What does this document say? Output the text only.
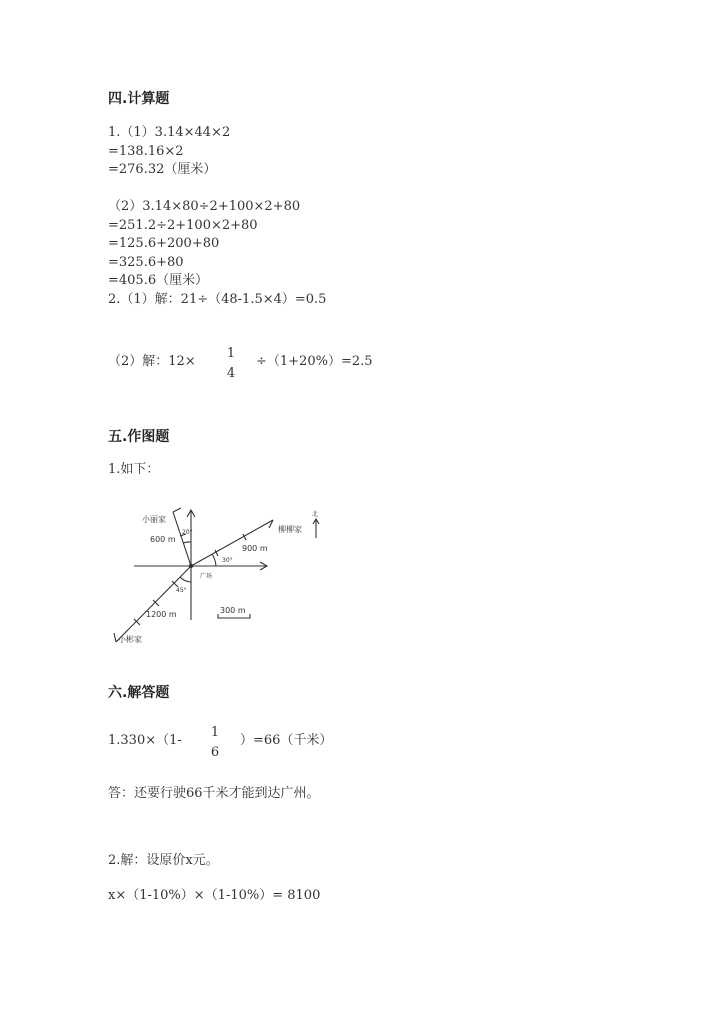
四.计算题
1.（1）3.14×44×2
=138.16×2
=276.32（厘米）
（2）3.14×80÷2+100×2+80
=251.2÷2+100×2+80
=125.6+200+80
=325.6+80
=405.6（厘米）
2.（1）解：21÷（48-1.5×4）=0.5
（2）解：12×
1
4
÷（1+20%）=2.5
五.作图题
1.如下：
小丽家
柳柳家
小彬家
广场
北
600 m
900 m
1200 m
20°
30°
45°
300 m
六.解答题
1.330×（1-
1
6
）=66（千米）
答：还要行驶66千米才能到达广州。
2.解：设原价x元。
x×（1-10%）×（1-10%）= 8100
